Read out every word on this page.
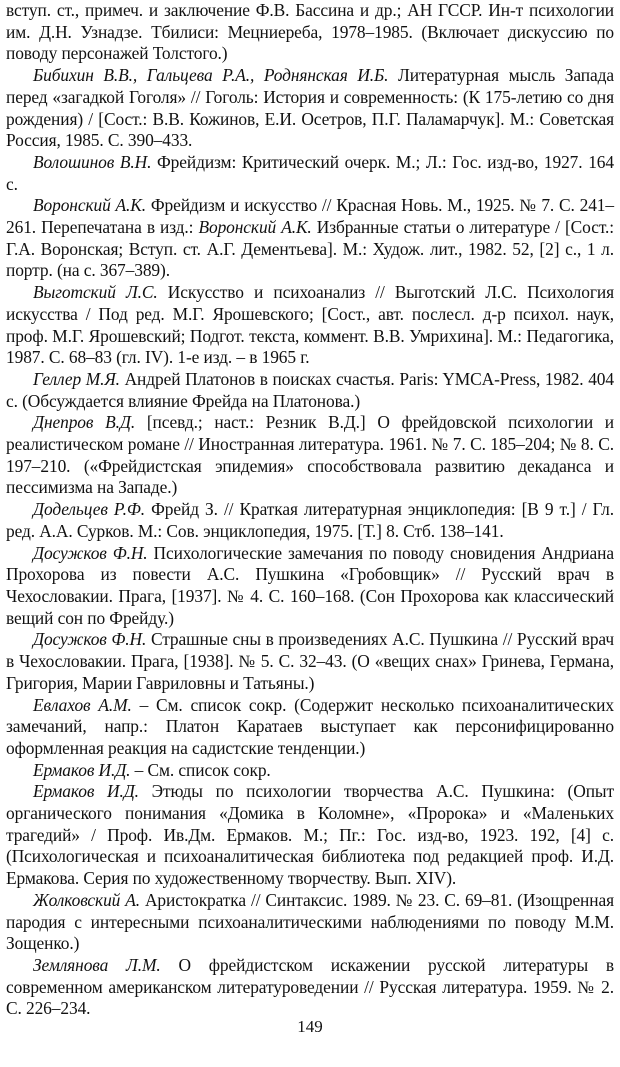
вступ. ст., примеч. и заключение Ф.В. Бассина и др.; АН ГССР. Ин-т психологии им. Д.Н. Узнадзе. Тбилиси: Мецниереба, 1978–1985. (Включает дискуссию по поводу персонажей Толстого.)

Бибихин В.В., Гальцева Р.А., Роднянская И.Б. Литературная мысль Запада перед «загадкой Гоголя» // Гоголь: История и современность: (К 175-летию со дня рождения) / [Сост.: В.В. Кожинов, Е.И. Осетров, П.Г. Паламарчук]. М.: Советская Россия, 1985. С. 390–433.

Волошинов В.Н. Фрейдизм: Критический очерк. М.; Л.: Гос. изд-во, 1927. 164 с.

Воронский А.К. Фрейдизм и искусство // Красная Новь. М., 1925. № 7. С. 241–261. Перепечатана в изд.: Воронский А.К. Избранные статьи о литературе / [Сост.: Г.А. Воронская; Вступ. ст. А.Г. Дементьева]. М.: Худож. лит., 1982. 52, [2] с., 1 л. портр. (на с. 367–389).

Выготский Л.С. Искусство и психоанализ // Выготский Л.С. Психология искусства / Под ред. М.Г. Ярошевского; [Сост., авт. послесл. д-р психол. наук, проф. М.Г. Ярошевский; Подгот. текста, коммент. В.В. Умрихина]. М.: Педагогика, 1987. С. 68–83 (гл. IV). 1-е изд. – в 1965 г.

Геллер М.Я. Андрей Платонов в поисках счастья. Paris: YMCA-Press, 1982. 404 с. (Обсуждается влияние Фрейда на Платонова.)

Днепров В.Д. [псевд.; наст.: Резник В.Д.] О фрейдовской психологии и реалистическом романе // Иностранная литература. 1961. № 7. С. 185–204; № 8. С. 197–210. («Фрейдистская эпидемия» способствовала развитию декаданса и пессимизма на Западе.)

Додельцев Р.Ф. Фрейд З. // Краткая литературная энциклопедия: [В 9 т.] / Гл. ред. А.А. Сурков. М.: Сов. энциклопедия, 1975. [Т.] 8. Стб. 138–141.

Досужков Ф.Н. Психологические замечания по поводу сновидения Андриана Прохорова из повести А.С. Пушкина «Гробовщик» // Русский врач в Чехословакии. Прага, [1937]. № 4. С. 160–168. (Сон Прохорова как классический вещий сон по Фрейду.)

Досужков Ф.Н. Страшные сны в произведениях А.С. Пушкина // Русский врач в Чехословакии. Прага, [1938]. № 5. С. 32–43. (О «вещих снах» Гринева, Германа, Григория, Марии Гавриловны и Татьяны.)

Евлахов А.М. – См. список сокр. (Содержит несколько психоаналитических замечаний, напр.: Платон Каратаев выступает как персонифицированно оформленная реакция на садистские тенденции.)

Ермаков И.Д. – См. список сокр.

Ермаков И.Д. Этюды по психологии творчества А.С. Пушкина: (Опыт органического понимания «Домика в Коломне», «Пророка» и «Маленьких трагедий» / Проф. Ив.Дм. Ермаков. М.; Пг.: Гос. изд-во, 1923. 192, [4] с. (Психологическая и психоаналитическая библиотека под редакцией проф. И.Д. Ермакова. Серия по художественному творчеству. Вып. XIV).

Жолковский А. Аристократка // Синтаксис. 1989. № 23. С. 69–81. (Изощренная пародия с интересными психоаналитическими наблюдениями по поводу М.М. Зощенко.)

Землянова Л.М. О фрейдистском искажении русской литературы в современном американском литературоведении // Русская литература. 1959. № 2. С. 226–234.

149
